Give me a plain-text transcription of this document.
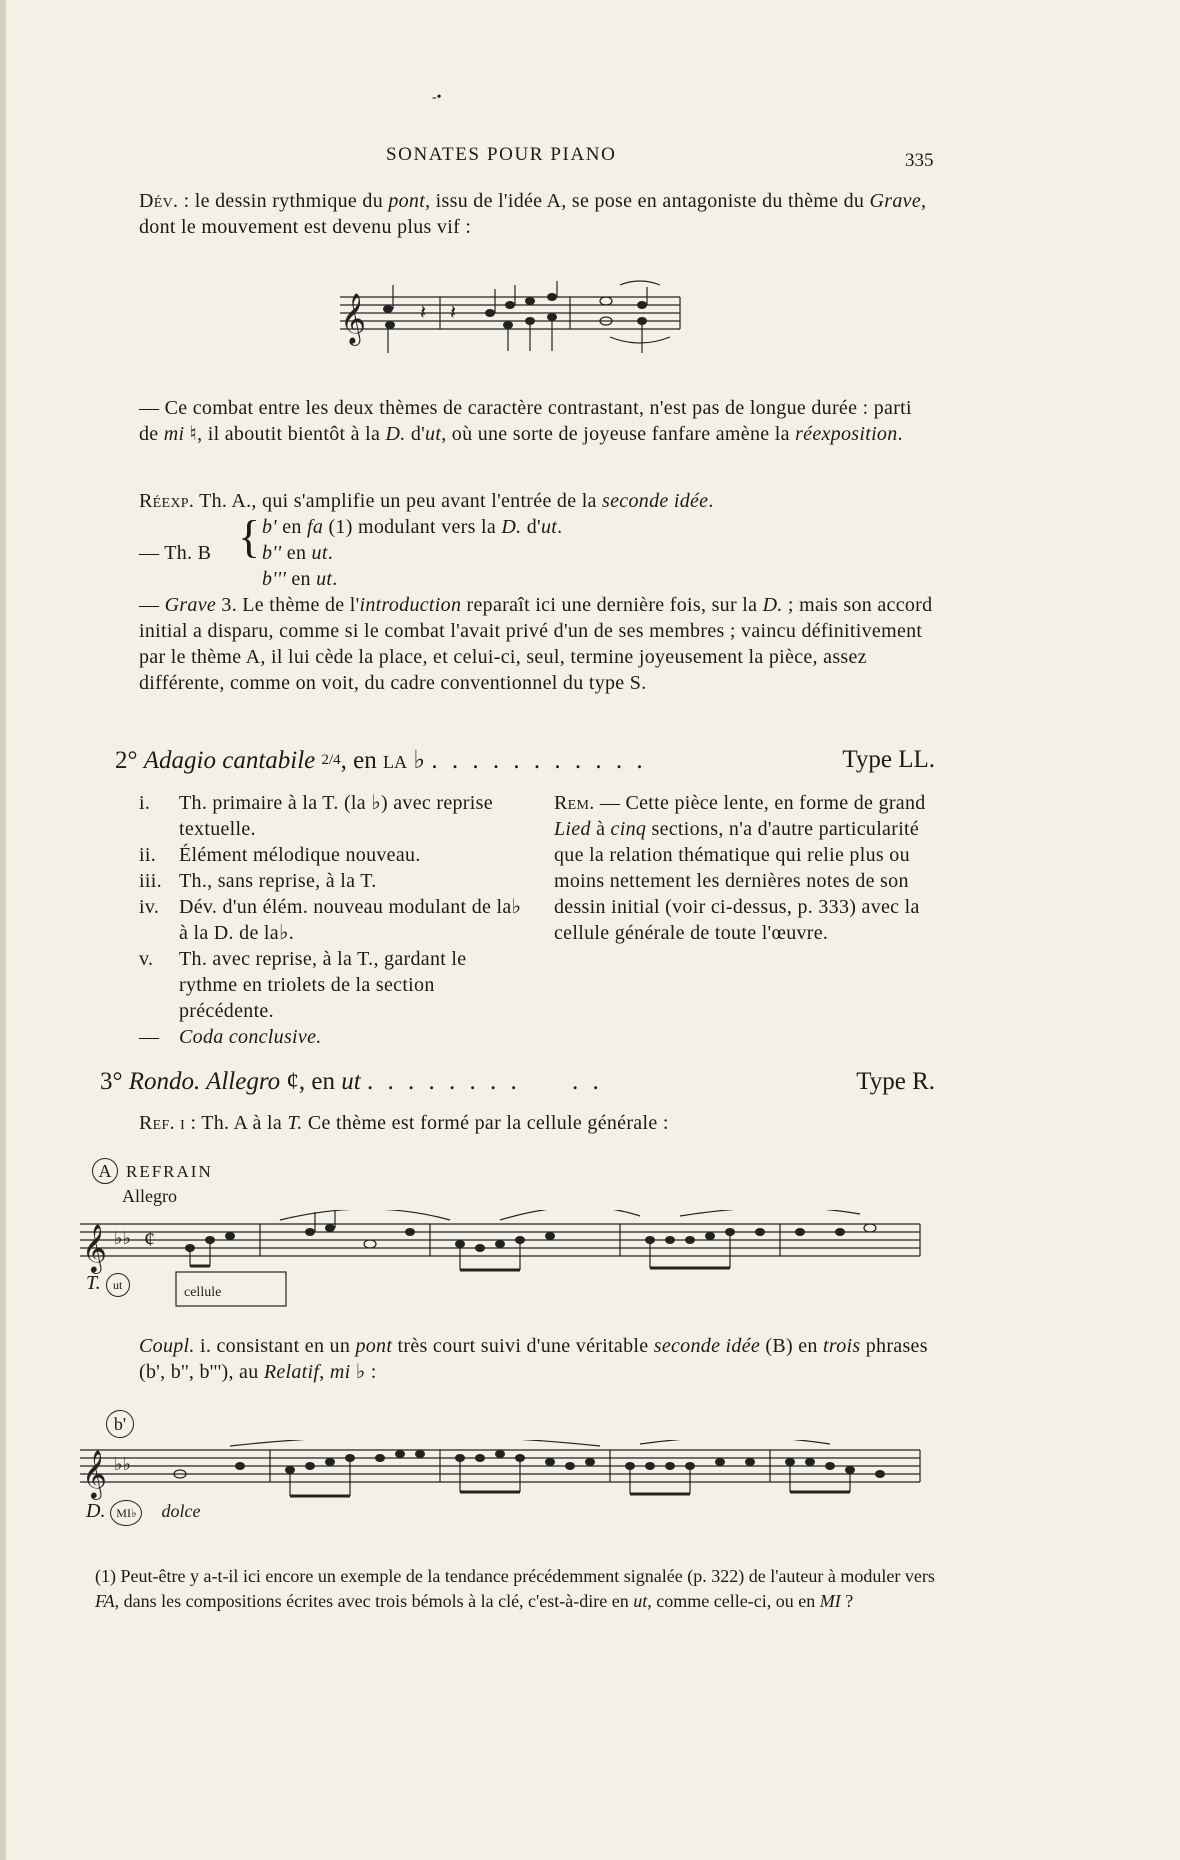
-•
SONATES POUR PIANO	335
Dév. : le dessin rythmique du pont, issu de l'idée A, se pose en antagoniste du thème du Grave, dont le mouvement est devenu plus vif :
𝄞	𝄽 𝄽
— Ce combat entre les deux thèmes de caractère contrastant, n'est pas de longue durée : parti de mi ♮, il aboutit bientôt à la D. d'ut, où une sorte de joyeuse fanfare amène la réexposition.
Réexp. Th. A., qui s'amplifie un peu avant l'entrée de la seconde idée.
— Th. B { b' en fa (1) modulant vers la D. d'ut.
b'' en ut.
b''' en ut.
— Grave 3. Le thème de l'introduction reparaît ici une dernière fois, sur la D. ; mais son accord initial a disparu, comme si le combat l'avait privé d'un de ses membres ; vaincu définitivement par le thème A, il lui cède la place, et celui-ci, seul, termine joyeusement la pièce, assez différente, comme on voit, du cadre conventionnel du type S.
2° Adagio cantabile 2/4, en la ♭ . . . . . . . . . . .	Type LL.
i. Th. primaire à la T. (la ♭) avec reprise textuelle.
ii. Élément mélodique nouveau.
iii. Th., sans reprise, à la T.
iv. Dév. d'un élém. nouveau modulant de la♭ à la D. de la♭.
v. Th. avec reprise, à la T., gardant le rythme en triolets de la section précédente.
— Coda conclusive.
Rem. — Cette pièce lente, en forme de grand Lied à cinq sections, n'a d'autre particularité que la relation thématique qui relie plus ou moins nettement les dernières notes de son dessin initial (voir ci-dessus, p. 333) avec la cellule générale de toute l'œuvre.
3° Rondo. Allegro ¢, en ut . . . . . . . .     . .	Type R.
Ref. i : Th. A à la T. Ce thème est formé par la cellule générale :
A REFRAIN
Allegro
𝄞 ♭♭ ¢
cellule
T. ut
Coupl. i. consistant en un pont très court suivi d'une véritable seconde idée (B) en trois phrases (b', b'', b'''), au Relatif, mi ♭ :
b'
𝄞 ♭♭
D. MI♭ dolce
(1) Peut-être y a-t-il ici encore un exemple de la tendance précédemment signalée (p. 322) de l'auteur à moduler vers FA, dans les compositions écrites avec trois bémols à la clé, c'est-à-dire en ut, comme celle-ci, ou en MI ?
